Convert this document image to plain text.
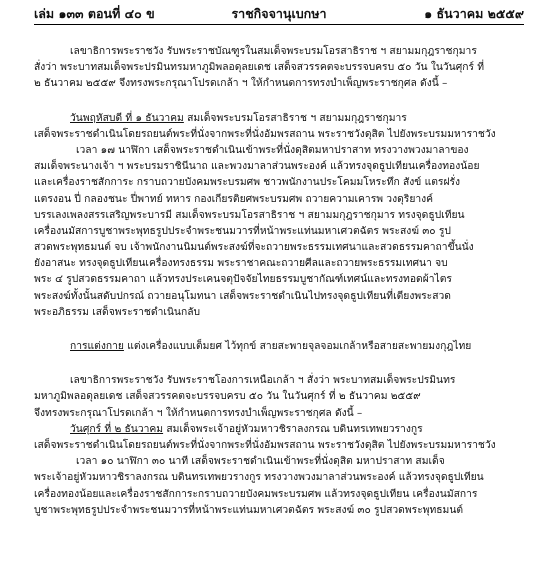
เล่ม ๑๓๓ ตอนที่ ๔๐ ข	ราชกิจจานุเบกษา	๑ ธันวาคม ๒๕๕๙
เลขาธิการพระราชวัง รับพระราชบัณฑูรในสมเด็จพระบรมโอรสาธิราช ฯ สยามมกุฎราชกุมาร
สั่งว่า พระบาทสมเด็จพระปรมินทรมหาภูมิพลอดุลยเดช เสด็จสวรรคตจะบรรจบครบ ๕๐ วัน ในวันศุกร์ ที่
๒ ธันวาคม ๒๕๕๙ จึงทรงพระกรุณาโปรดเกล้า ฯ ให้กำหนดการทรงบำเพ็ญพระราชกุศล ดังนี้ –
วันพฤหัสบดี ที่ ๑ ธันวาคม สมเด็จพระบรมโอรสาธิราช ฯ สยามมกุฎราชกุมาร
เสด็จพระราชดำเนินโดยรถยนต์พระที่นั่งจากพระที่นั่งอัมพรสถาน พระราชวังดุสิต ไปยังพระบรมมหาราชวัง
เวลา ๑๗ นาฬิกา เสด็จพระราชดำเนินเข้าพระที่นั่งดุสิตมหาปราสาท ทรงวางพวงมาลาของ
สมเด็จพระนางเจ้า ฯ พระบรมราชินีนาถ และพวงมาลาส่วนพระองค์ แล้วทรงจุดธูปเทียนเครื่องทองน้อย
และเครื่องราชสักการะ กราบถวายบังคมพระบรมศพ ชาวพนักงานประโคมมโหระทึก สังข์ แตรฝรั่ง
แตรงอน ปี่ กลองชนะ ปี่พาทย์ ทหาร กองเกียรติยศพระบรมศพ ถวายความเคารพ วงดุริยางค์
บรรเลงเพลงสรรเสริญพระบารมี สมเด็จพระบรมโอรสาธิราช ฯ สยามมกุฎราชกุมาร ทรงจุดธูปเทียน
เครื่องนมัสการบูชาพระพุทธรูปประจำพระชนมวารที่หน้าพระแท่นมหาเศวตฉัตร พระสงฆ์ ๓๐ รูป
สวดพระพุทธมนต์ จบ เจ้าพนักงานนิมนต์พระสงฆ์ที่จะถวายพระธรรมเทศนาและสวดธรรมคาถาขึ้นนั่ง
ยังอาสนะ ทรงจุดธูปเทียนเครื่องทรงธรรม พระราชาคณะถวายศีลและถวายพระธรรมเทศนา จบ
พระ ๔ รูปสวดธรรมคาถา แล้วทรงประเคนจตุปัจจัยไทยธรรมบูชากัณฑ์เทศน์และทรงทอดผ้าไตร
พระสงฆ์ทั้งนั้นสดับปกรณ์ ถวายอนุโมทนา เสด็จพระราชดำเนินไปทรงจุดธูปเทียนที่เตียงพระสวด
พระอภิธรรม เสด็จพระราชดำเนินกลับ
การแต่งกาย แต่งเครื่องแบบเต็มยศ ไว้ทุกข์ สายสะพายจุลจอมเกล้าหรือสายสะพายมงกุฎไทย
เลขาธิการพระราชวัง รับพระราชโองการเหนือเกล้า ฯ สั่งว่า พระบาทสมเด็จพระปรมินทร
มหาภูมิพลอดุลยเดช เสด็จสวรรคตจะบรรจบครบ ๕๐ วัน ในวันศุกร์ ที่ ๒ ธันวาคม ๒๕๕๙
จึงทรงพระกรุณาโปรดเกล้า ฯ ให้กำหนดการทรงบำเพ็ญพระราชกุศล ดังนี้ –
วันศุกร์ ที่ ๒ ธันวาคม สมเด็จพระเจ้าอยู่หัวมหาวชิราลงกรณ บดินทรเทพยวรางกูร
เสด็จพระราชดำเนินโดยรถยนต์พระที่นั่งจากพระที่นั่งอัมพรสถาน พระราชวังดุสิต ไปยังพระบรมมหาราชวัง
เวลา ๑๐ นาฬิกา ๓๐ นาที เสด็จพระราชดำเนินเข้าพระที่นั่งดุสิต มหาปราสาท สมเด็จ
พระเจ้าอยู่หัวมหาวชิราลงกรณ บดินทรเทพยวรางกูร ทรงวางพวงมาลาส่วนพระองค์ แล้วทรงจุดธูปเทียน
เครื่องทองน้อยและเครื่องราชสักการะกราบถวายบังคมพระบรมศพ แล้วทรงจุดธูปเทียน เครื่องนมัสการ
บูชาพระพุทธรูปประจำพระชนมวารที่หน้าพระแท่นมหาเศวตฉัตร พระสงฆ์ ๓๐ รูปสวดพระพุทธมนต์
